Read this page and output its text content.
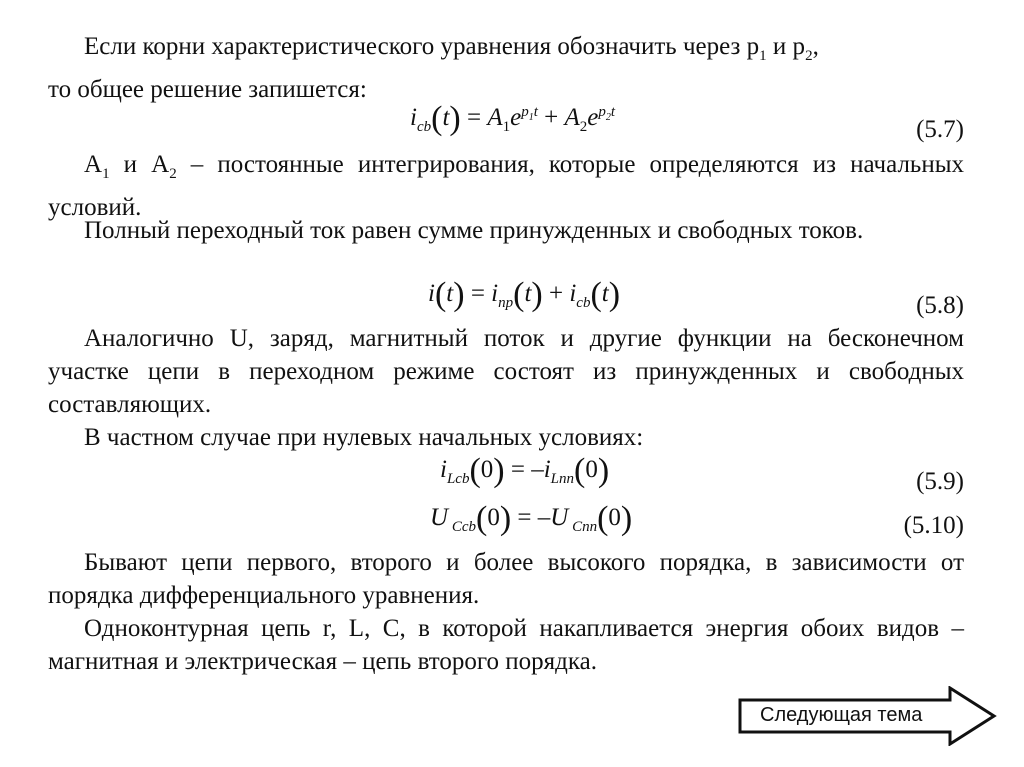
Если корни характеристического уравнения обозначить через $p_1$ и $p_2$,
то общее решение запишется:
$i_{cb}(t) = A_1e^{p_1t} + A_2e^{p_2t}$
(5.7)
$A_1$ и $A_2$ – постоянные интегрирования, которые определяются из начальных условий.
Полный переходный ток равен сумме принужденных и свободных токов.
$i(t) = i_{np}(t) + i_{cb}(t)$	(5.8)
Аналогично U, заряд, магнитный поток и другие функции на бесконечном участке цепи в переходном режиме состоят из принужденных и свободных составляющих.
В частном случае при нулевых начальных условиях:
$i_{Lcb}(0) = -i_{Lnn}(0)$	(5.9)
U $_{Ccb}$(0) = –U $_{Cnn}$(0)	(5.10)
Бывают цепи первого, второго и более высокого порядка, в зависимости от порядка дифференциального уравнения.
Одноконтурная цепь r, L, C, в которой накапливается энергия обоих видов – магнитная и электрическая – цепь второго порядка.
Следующая тема
